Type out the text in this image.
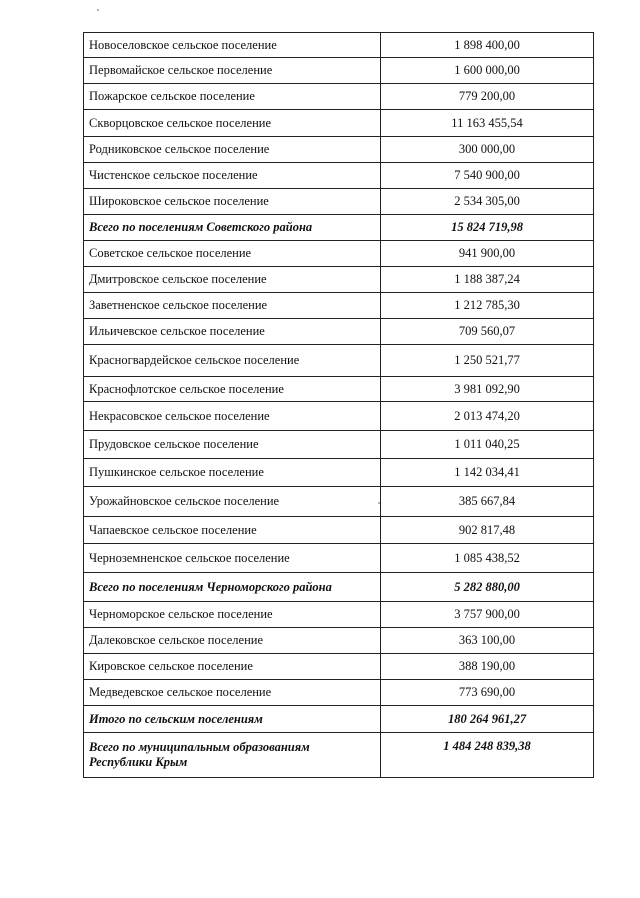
Новоселовское сельское поселение	1 898 400,00
Первомайское сельское поселение	1 600 000,00
Пожарское сельское поселение	779 200,00
Скворцовское сельское поселение	11 163 455,54
Родниковское сельское поселение	300 000,00
Чистенское сельское поселение	7 540 900,00
Широковское сельское поселение	2 534 305,00
Всего по поселениям Советского района	15 824 719,98
Советское сельское поселение	941 900,00
Дмитровское сельское поселение	1 188 387,24
Заветненское сельское поселение	1 212 785,30
Ильичевское сельское поселение	709 560,07
Красногвардейское сельское поселение	1 250 521,77
Краснофлотское сельское поселение	3 981 092,90
Некрасовское сельское поселение	2 013 474,20
Прудовское сельское поселение	1 011 040,25
Пушкинское сельское поселение	1 142 034,41
Урожайновское сельское поселение	385 667,84
Чапаевское сельское поселение	902 817,48
Черноземненское сельское поселение	1 085 438,52
Всего по поселениям Черноморского района	5 282 880,00
Черноморское сельское поселение	3 757 900,00
Далековское сельское поселение	363 100,00
Кировское сельское поселение	388 190,00
Медведевское сельское поселение	773 690,00
Итого по сельским поселениям	180 264 961,27
Всего по муниципальным образованиям Республики Крым	1 484 248 839,38
